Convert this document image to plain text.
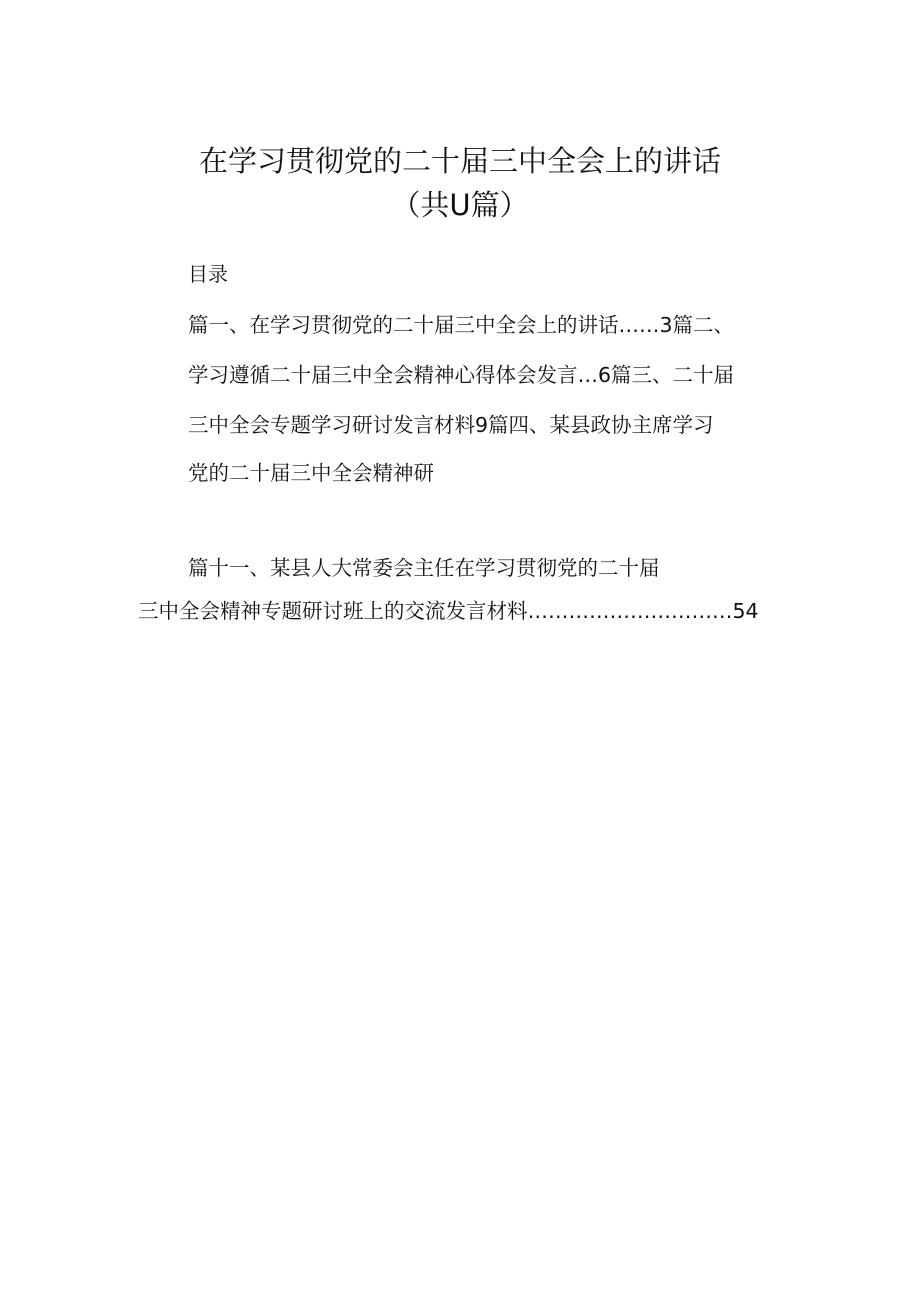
在学习贯彻党的二十届三中全会上的讲话
（共U篇）
目录
篇一、在学习贯彻党的二十届三中全会上的讲话……3篇二、
学习遵循二十届三中全会精神心得体会发言…6篇三、二十届
三中全会专题学习研讨发言材料9篇四、某县政协主席学习
党的二十届三中全会精神研
篇十一、某县人大常委会主任在学习贯彻党的二十届
三中全会精神专题研讨班上的交流发言材料…………………………54
